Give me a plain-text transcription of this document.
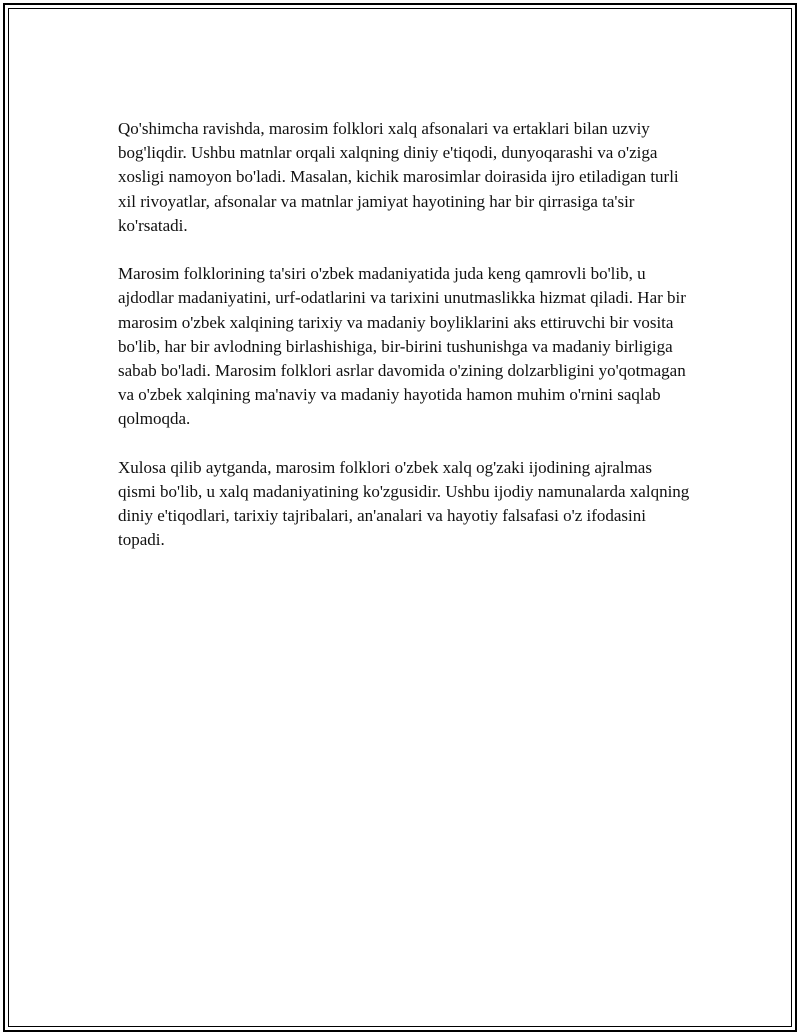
Qo'shimcha ravishda, marosim folklori xalq afsonalari va ertaklari bilan uzviy bog'liqdir. Ushbu matnlar orqali xalqning diniy e'tiqodi, dunyoqarashi va o'ziga xosligi namoyon bo'ladi. Masalan, kichik marosimlar doirasida ijro etiladigan turli xil rivoyatlar, afsonalar va matnlar jamiyat hayotining har bir qirrasiga ta'sir ko'rsatadi.

Marosim folklorining ta'siri o'zbek madaniyatida juda keng qamrovli bo'lib, u ajdodlar madaniyatini, urf-odatlarini va tarixini unutmaslikka hizmat qiladi. Har bir marosim o'zbek xalqining tarixiy va madaniy boyliklarini aks ettiruvchi bir vosita bo'lib, har bir avlodning birlashishiga, bir-birini tushunishga va madaniy birligiga sabab bo'ladi. Marosim folklori asrlar davomida o'zining dolzarbligini yo'qotmagan va o'zbek xalqining ma'naviy va madaniy hayotida hamon muhim o'rnini saqlab qolmoqda.

Xulosa qilib aytganda, marosim folklori o'zbek xalq og'zaki ijodining ajralmas qismi bo'lib, u xalq madaniyatining ko'zgusidir. Ushbu ijodiy namunalarda xalqning diniy e'tiqodlari, tarixiy tajribalari, an'analari va hayotiy falsafasi o'z ifodasini topadi.
